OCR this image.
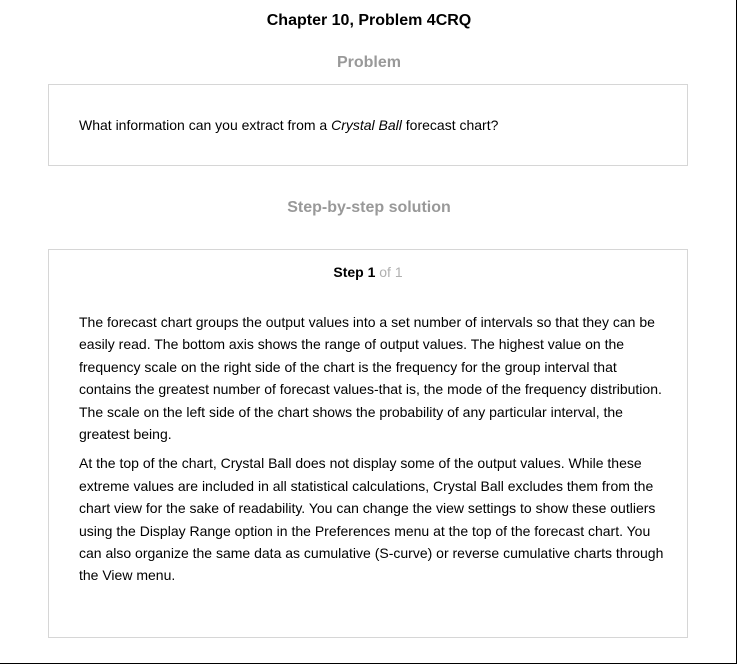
Chapter 10, Problem 4CRQ
Problem
What information can you extract from a Crystal Ball forecast chart?
Step-by-step solution
Step 1 of 1

The forecast chart groups the output values into a set number of intervals so that they can be easily read. The bottom axis shows the range of output values. The highest value on the frequency scale on the right side of the chart is the frequency for the group interval that contains the greatest number of forecast values-that is, the mode of the frequency distribution. The scale on the left side of the chart shows the probability of any particular interval, the greatest being.

At the top of the chart, Crystal Ball does not display some of the output values. While these extreme values are included in all statistical calculations, Crystal Ball excludes them from the chart view for the sake of readability. You can change the view settings to show these outliers using the Display Range option in the Preferences menu at the top of the forecast chart. You can also organize the same data as cumulative (S-curve) or reverse cumulative charts through the View menu.
